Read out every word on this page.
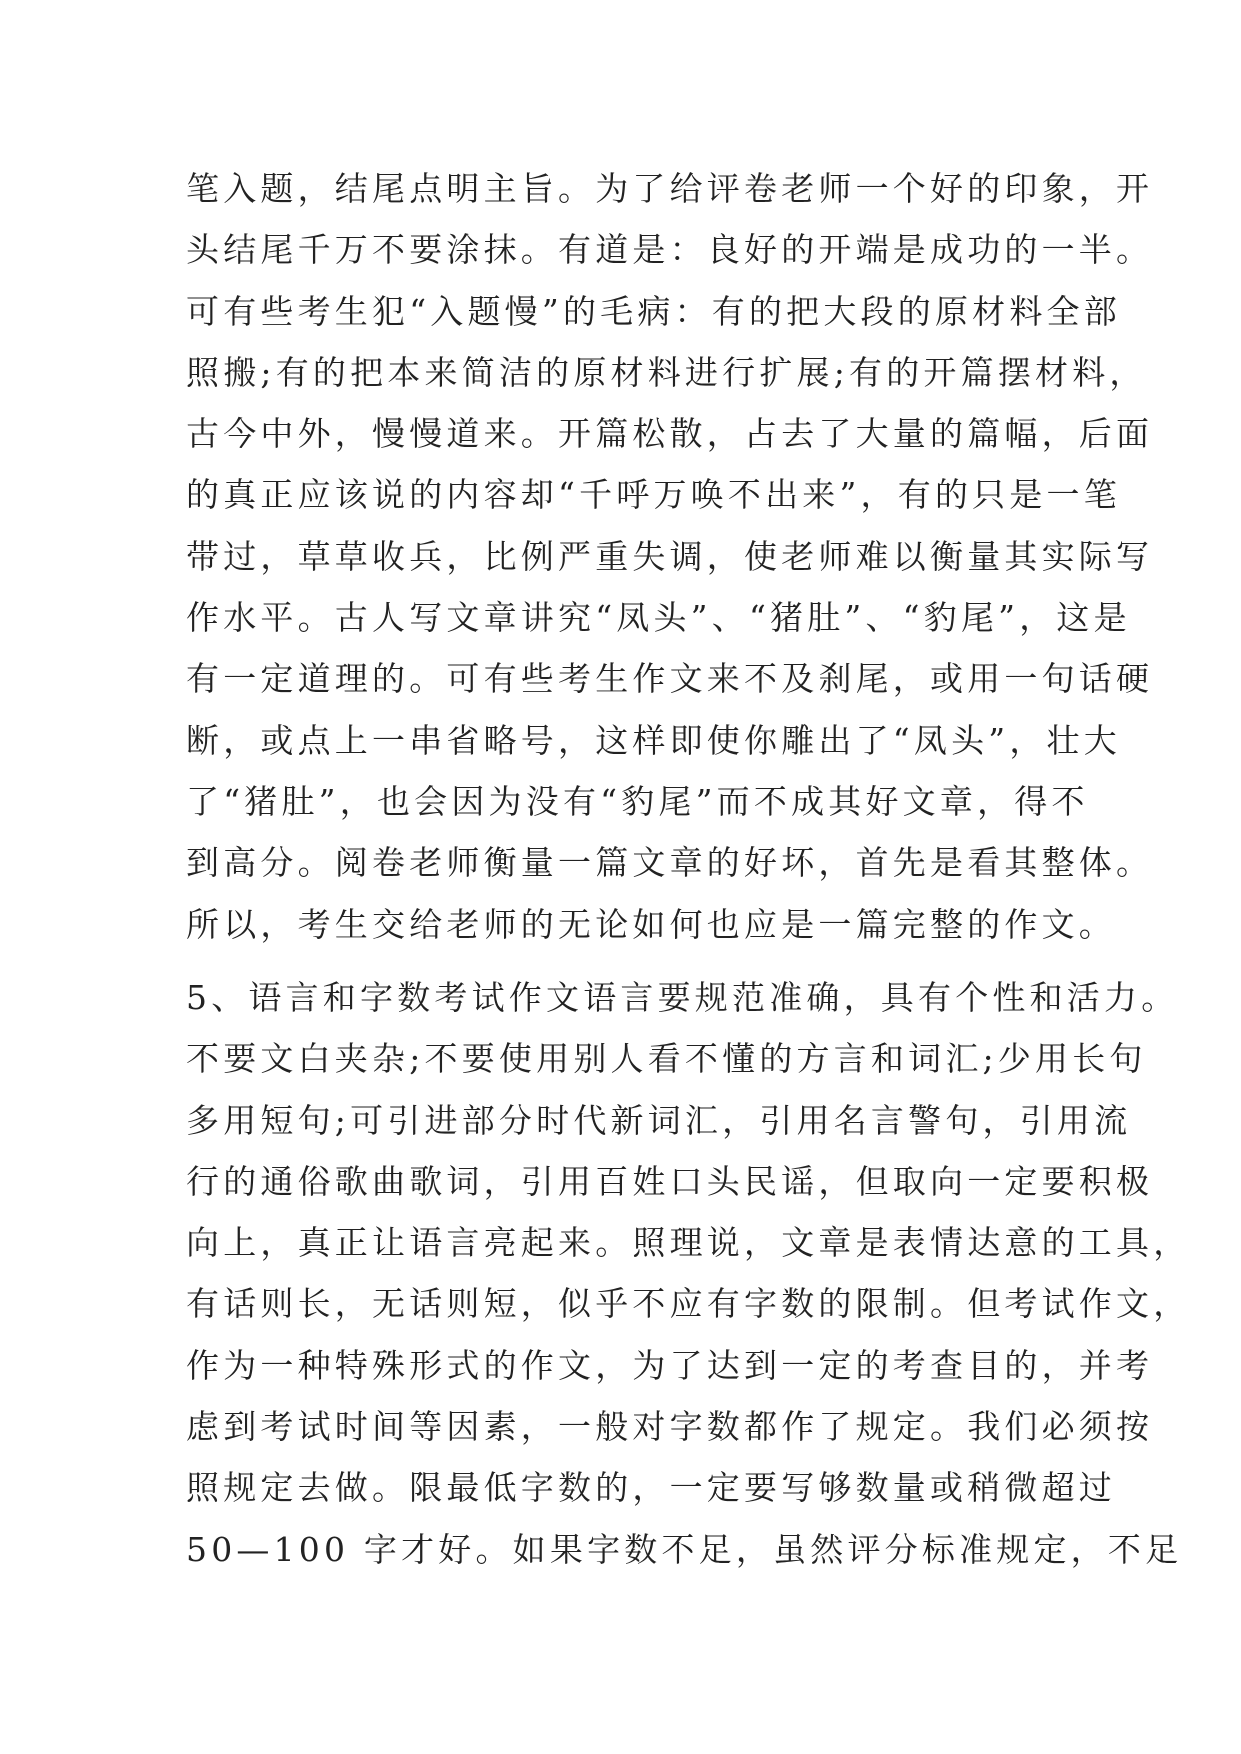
笔入题，结尾点明主旨。为了给评卷老师一个好的印象，开
头结尾千万不要涂抹。有道是：良好的开端是成功的一半。
可有些考生犯“入题慢”的毛病：有的把大段的原材料全部
照搬;有的把本来简洁的原材料进行扩展;有的开篇摆材料，
古今中外，慢慢道来。开篇松散，占去了大量的篇幅，后面
的真正应该说的内容却“千呼万唤不出来”，有的只是一笔
带过，草草收兵，比例严重失调，使老师难以衡量其实际写
作水平。古人写文章讲究“凤头”、“猪肚”、“豹尾”，这是
有一定道理的。可有些考生作文来不及刹尾，或用一句话硬
断，或点上一串省略号，这样即使你雕出了“凤头”，壮大
了“猪肚”，也会因为没有“豹尾”而不成其好文章，得不
到高分。阅卷老师衡量一篇文章的好坏，首先是看其整体。
所以，考生交给老师的无论如何也应是一篇完整的作文。
5、语言和字数考试作文语言要规范准确，具有个性和活力。
不要文白夹杂;不要使用别人看不懂的方言和词汇;少用长句
多用短句;可引进部分时代新词汇，引用名言警句，引用流
行的通俗歌曲歌词，引用百姓口头民谣，但取向一定要积极
向上，真正让语言亮起来。照理说，文章是表情达意的工具，
有话则长，无话则短，似乎不应有字数的限制。但考试作文，
作为一种特殊形式的作文，为了达到一定的考查目的，并考
虑到考试时间等因素，一般对字数都作了规定。我们必须按
照规定去做。限最低字数的，一定要写够数量或稍微超过
50—100 字才好。如果字数不足，虽然评分标准规定，不足
